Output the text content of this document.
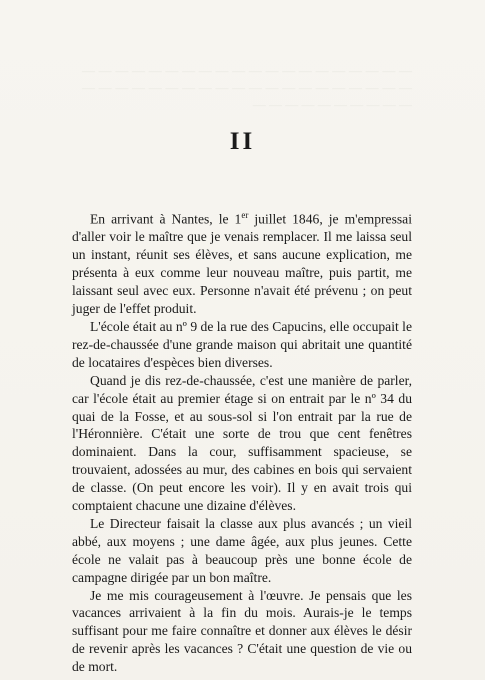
— — — — — — — — — — — — — — — — — — — — — — — — — — — — — — — — — — — — — — — — — — — — — — — — — —
II

En arrivant à Nantes, le 1er juillet 1846, je m'empressai d'aller voir le maître que je venais remplacer. Il me laissa seul un instant, réunit ses élèves, et sans aucune explication, me présenta à eux comme leur nouveau maître, puis partit, me laissant seul avec eux. Personne n'avait été prévenu ; on peut juger de l'effet produit.

L'école était au nº 9 de la rue des Capucins, elle occupait le rez-de-chaussée d'une grande maison qui abritait une quantité de locataires d'espèces bien diverses.

Quand je dis rez-de-chaussée, c'est une manière de parler, car l'école était au premier étage si on entrait par le nº 34 du quai de la Fosse, et au sous-sol si l'on entrait par la rue de l'Héronnière. C'était une sorte de trou que cent fenêtres dominaient. Dans la cour, suffisamment spacieuse, se trouvaient, adossées au mur, des cabines en bois qui servaient de classe. (On peut encore les voir). Il y en avait trois qui comptaient chacune une dizaine d'élèves.

Le Directeur faisait la classe aux plus avancés ; un vieil abbé, aux moyens ; une dame âgée, aux plus jeunes. Cette école ne valait pas à beaucoup près une bonne école de campagne dirigée par un bon maître.

Je me mis courageusement à l'œuvre. Je pensais que les vacances arrivaient à la fin du mois. Aurais-je le temps suffisant pour me faire connaître et donner aux élèves le désir de revenir après les vacances ? C'était une question de vie ou de mort.
